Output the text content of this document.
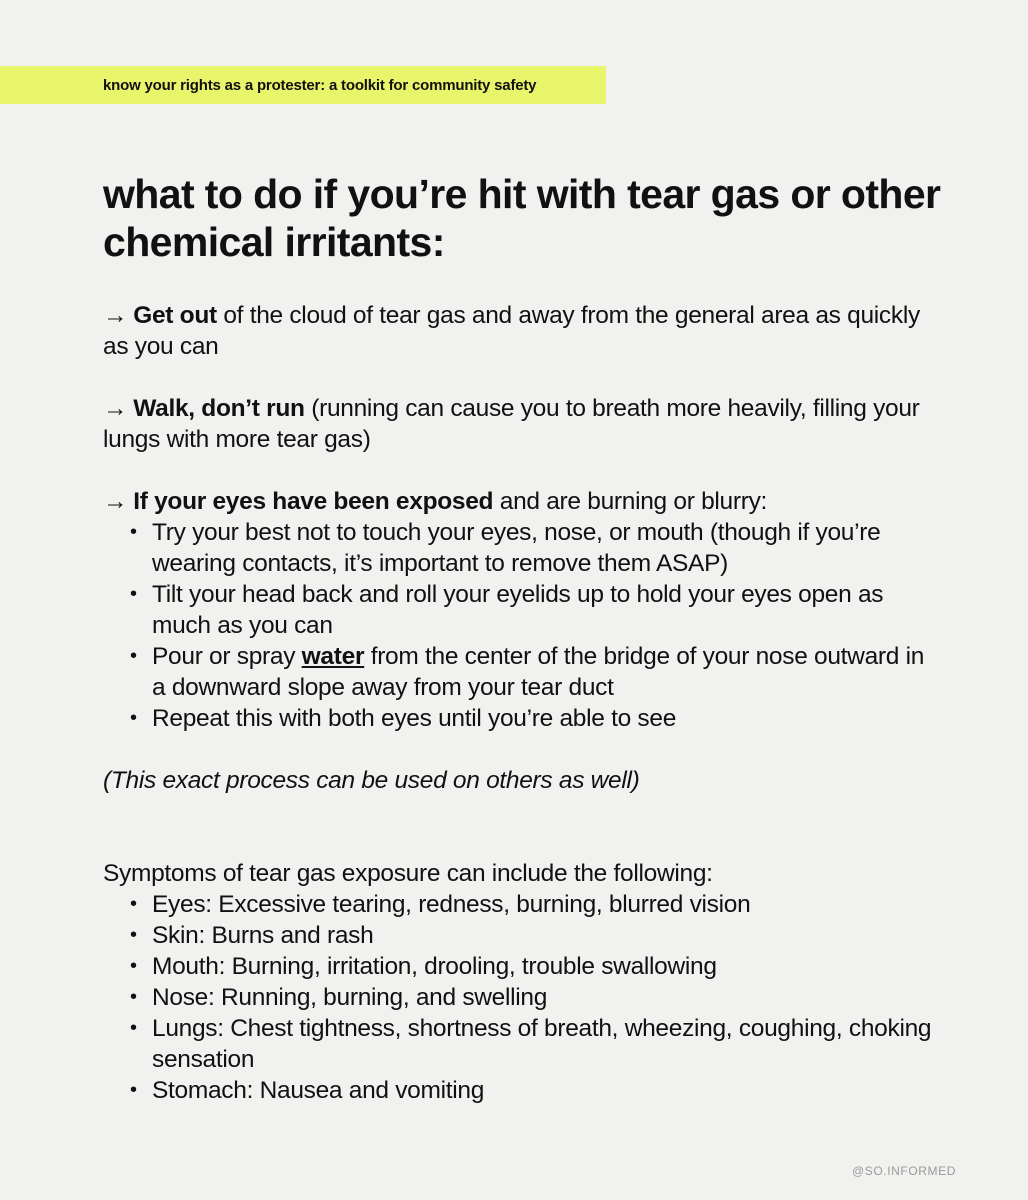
know your rights as a protester: a toolkit for community safety
what to do if you’re hit with tear gas or other chemical irritants:

→ Get out of the cloud of tear gas and away from the general area as quickly as you can

→ Walk, don’t run (running can cause you to breath more heavily, filling your lungs with more tear gas)

→ If your eyes have been exposed and are burning or blurry:

• Try your best not to touch your eyes, nose, or mouth (though if you’re wearing contacts, it’s important to remove them ASAP)
• Tilt your head back and roll your eyelids up to hold your eyes open as much as you can
• Pour or spray water from the center of the bridge of your nose outward in a downward slope away from your tear duct
• Repeat this with both eyes until you’re able to see

(This exact process can be used on others as well)

Symptoms of tear gas exposure can include the following:

• Eyes: Excessive tearing, redness, burning, blurred vision
• Skin: Burns and rash
• Mouth: Burning, irritation, drooling, trouble swallowing
• Nose: Running, burning, and swelling
• Lungs: Chest tightness, shortness of breath, wheezing, coughing, choking sensation
• Stomach: Nausea and vomiting
@SO.INFORMED
